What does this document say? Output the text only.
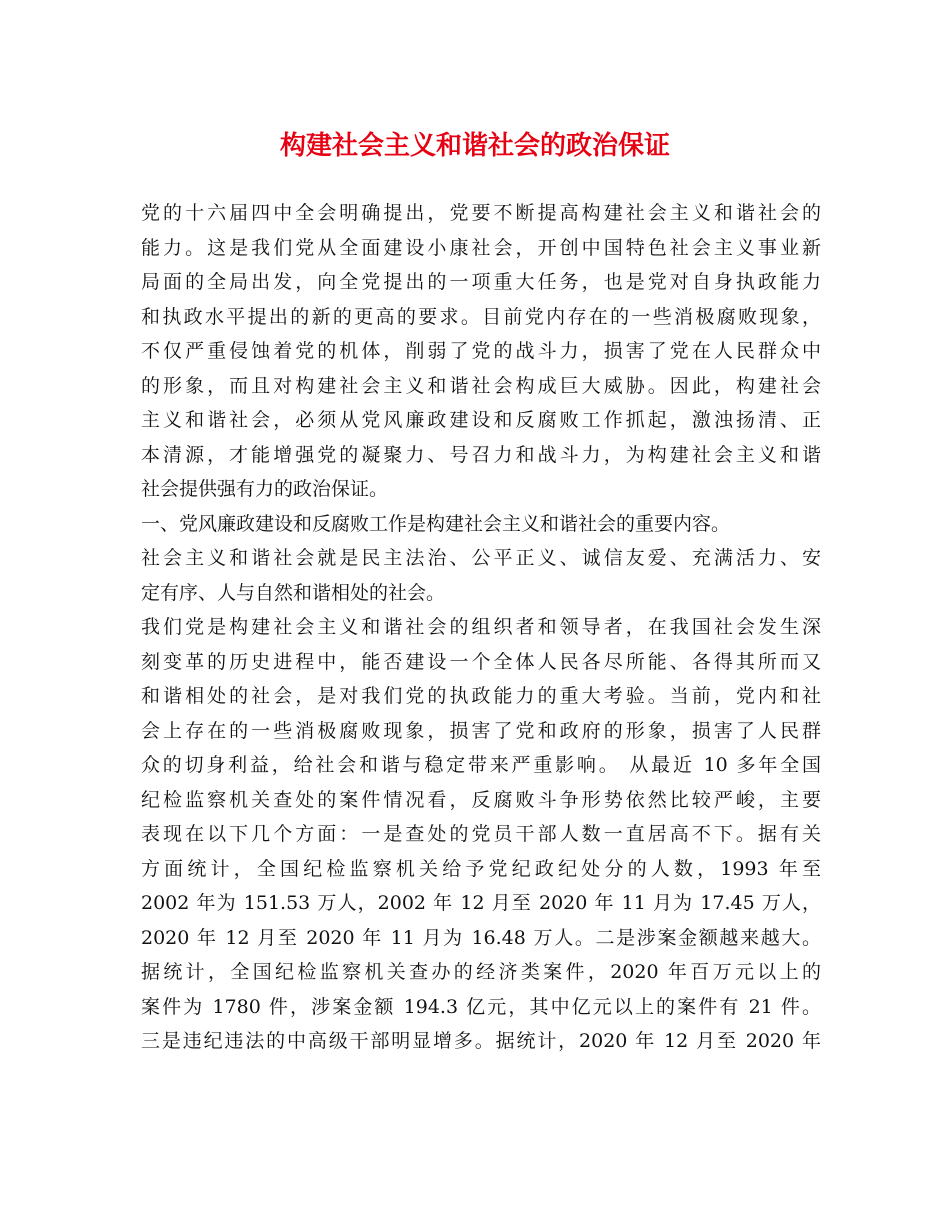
构建社会主义和谐社会的政治保证
党的十六届四中全会明确提出，党要不断提高构建社会主义和谐社会的
能力。这是我们党从全面建设小康社会，开创中国特色社会主义事业新
局面的全局出发，向全党提出的一项重大任务，也是党对自身执政能力
和执政水平提出的新的更高的要求。目前党内存在的一些消极腐败现象，
不仅严重侵蚀着党的机体，削弱了党的战斗力，损害了党在人民群众中
的形象，而且对构建社会主义和谐社会构成巨大威胁。因此，构建社会
主义和谐社会，必须从党风廉政建设和反腐败工作抓起，激浊扬清、正
本清源，才能增强党的凝聚力、号召力和战斗力，为构建社会主义和谐
社会提供强有力的政治保证。
一、党风廉政建设和反腐败工作是构建社会主义和谐社会的重要内容。
社会主义和谐社会就是民主法治、公平正义、诚信友爱、充满活力、安
定有序、人与自然和谐相处的社会。
我们党是构建社会主义和谐社会的组织者和领导者，在我国社会发生深
刻变革的历史进程中，能否建设一个全体人民各尽所能、各得其所而又
和谐相处的社会，是对我们党的执政能力的重大考验。当前，党内和社
会上存在的一些消极腐败现象，损害了党和政府的形象，损害了人民群
众的切身利益，给社会和谐与稳定带来严重影响。 从最近 10 多年全国
纪检监察机关查处的案件情况看，反腐败斗争形势依然比较严峻，主要
表现在以下几个方面：一是查处的党员干部人数一直居高不下。据有关
方面统计，全国纪检监察机关给予党纪政纪处分的人数，1993 年至
2002 年为 151.53 万人，2002 年 12 月至 2020 年 11 月为 17.45 万人，
2020 年 12 月至 2020 年 11 月为 16.48 万人。二是涉案金额越来越大。
据统计，全国纪检监察机关查办的经济类案件，2020 年百万元以上的
案件为 1780 件，涉案金额 194.3 亿元，其中亿元以上的案件有 21 件。
三是违纪违法的中高级干部明显增多。据统计，2020 年 12 月至 2020 年
